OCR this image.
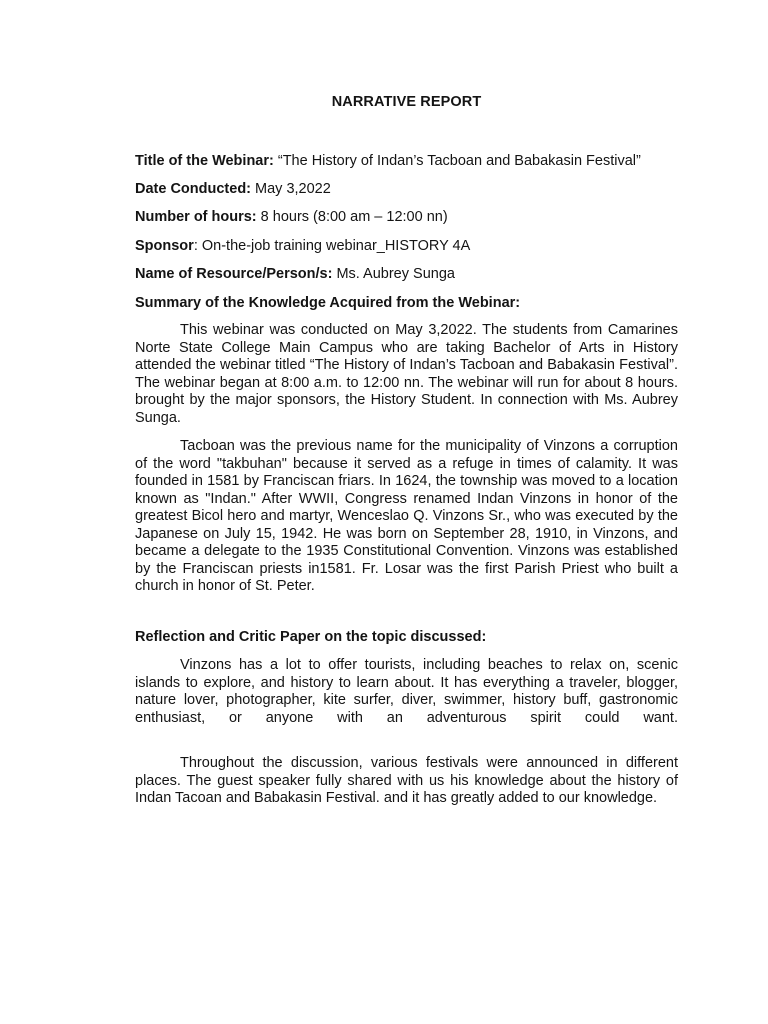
NARRATIVE REPORT
Title of the Webinar: “The History of Indan’s Tacboan and Babakasin Festival”
Date Conducted: May 3,2022
Number of hours: 8 hours (8:00 am – 12:00 nn)
Sponsor: On-the-job training webinar_HISTORY 4A
Name of Resource/Person/s: Ms. Aubrey Sunga
Summary of the Knowledge Acquired from the Webinar:

This webinar was conducted on May 3,2022. The students from Camarines Norte State College Main Campus who are taking Bachelor of Arts in History attended the webinar titled “The History of Indan’s Tacboan and Babakasin Festival”. The webinar began at 8:00 a.m. to 12:00 nn. The webinar will run for about 8 hours. brought by the major sponsors, the History Student. In connection with Ms. Aubrey Sunga.

Tacboan was the previous name for the municipality of Vinzons a corruption of the word "takbuhan" because it served as a refuge in times of calamity. It was founded in 1581 by Franciscan friars. In 1624, the township was moved to a location known as "Indan." After WWII, Congress renamed Indan Vinzons in honor of the greatest Bicol hero and martyr, Wenceslao Q. Vinzons Sr., who was executed by the Japanese on July 15, 1942. He was born on September 28, 1910, in Vinzons, and became a delegate to the 1935 Constitutional Convention. Vinzons was established by the Franciscan priests in1581. Fr. Losar was the first Parish Priest who built a church in honor of St. Peter.

Reflection and Critic Paper on the topic discussed:

Vinzons has a lot to offer tourists, including beaches to relax on, scenic islands to explore, and history to learn about. It has everything a traveler, blogger, nature lover, photographer, kite surfer, diver, swimmer, history buff, gastronomic enthusiast, or anyone with an adventurous spirit could want.

Throughout the discussion, various festivals were announced in different places. The guest speaker fully shared with us his knowledge about the history of Indan Tacoan and Babakasin Festival. and it has greatly added to our knowledge.
